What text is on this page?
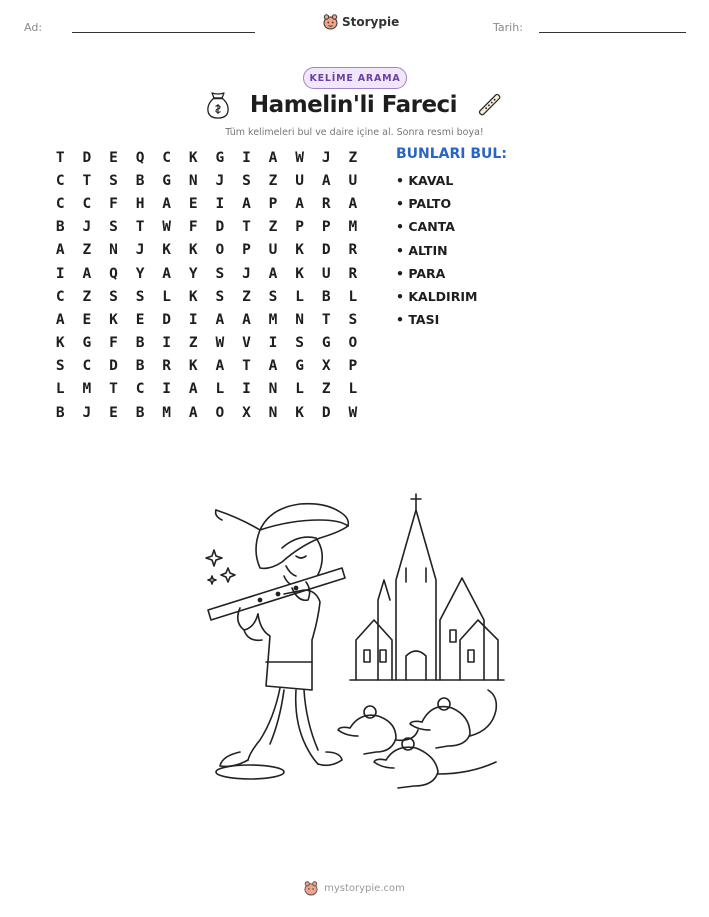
Ad:	Storypie	Tarih:
KELİME ARAMA
Hamelin'li Fareci
Tüm kelimeleri bul ve daire içine al. Sonra resmi boya!
T	D	E	Q	C	K	G	I	A	W	J	Z
C	T	S	B	G	N	J	S	Z	U	A	U
C	C	F	H	A	E	I	A	P	A	R	A
B	J	S	T	W	F	D	T	Z	P	P	M
A	Z	N	J	K	K	O	P	U	K	D	R
I	A	Q	Y	A	Y	S	J	A	K	U	R
C	Z	S	S	L	K	S	Z	S	L	B	L
A	E	K	E	D	I	A	A	M	N	T	S
K	G	F	B	I	Z	W	V	I	S	G	O
S	C	D	B	R	K	A	T	A	G	X	P
L	M	T	C	I	A	L	I	N	L	Z	L
B	J	E	B	M	A	O	X	N	K	D	W
BUNLARI BUL:
• KAVAL
• PALTO
• CANTA
• ALTIN
• PARA
• KALDIRIM
• TASI
mystorypie.com
